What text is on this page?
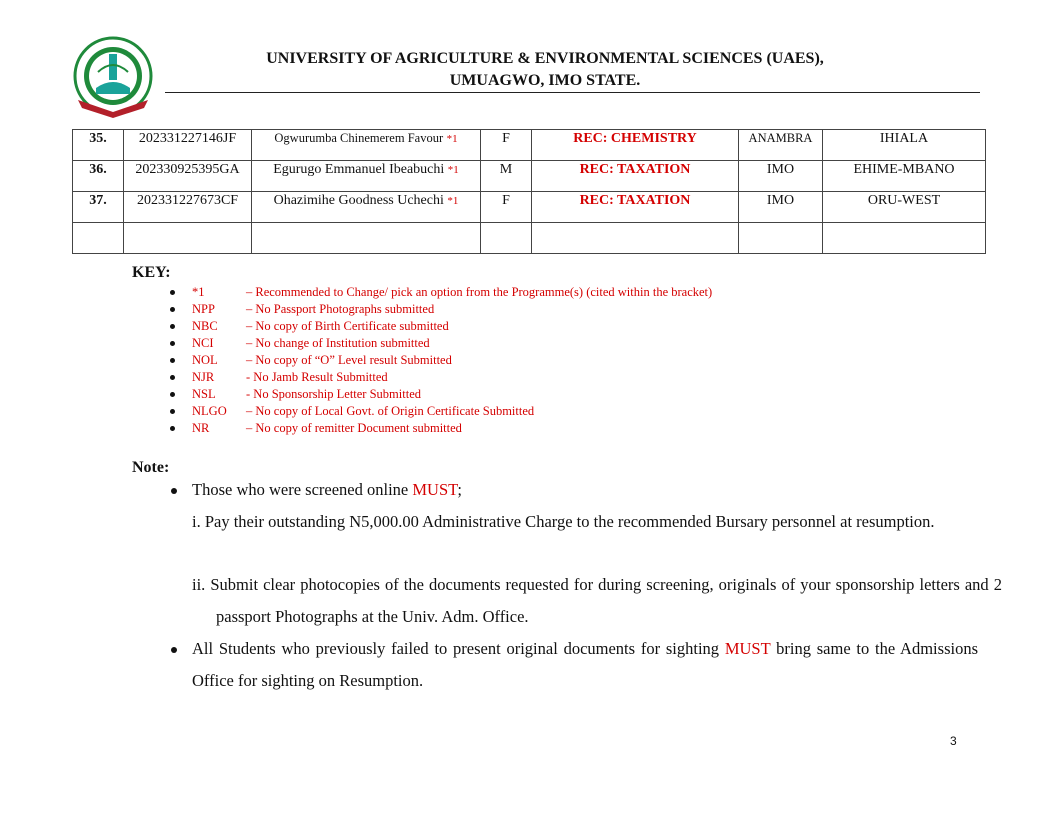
UNIVERSITY OF AGRICULTURE & ENVIRONMENTAL SCIENCES (UAES),
UMUAGWO, IMO STATE.
35.	202331227146JF	Ogwurumba Chinemerem Favour *1	F	REC: CHEMISTRY	ANAMBRA	IHIALA
36.	202330925395GA	Egurugo Emmanuel Ibeabuchi *1	M	REC: TAXATION	IMO	EHIME-MBANO
37.	202331227673CF	Ohazimihe Goodness Uchechi *1	F	REC: TAXATION	IMO	ORU-WEST

KEY:
*1	– Recommended to Change/ pick an option from the Programme(s) (cited within the bracket)
NPP – No Passport Photographs submitted
NBC – No copy of Birth Certificate submitted
NCI	– No change of Institution submitted
NOL – No copy of “O” Level result Submitted
NJR	- No Jamb Result Submitted
NSL - No Sponsorship Letter Submitted
NLGO – No copy of Local Govt. of Origin Certificate Submitted
NR	– No copy of remitter Document submitted
Note:
Those who were screened online MUST;
i. Pay their outstanding N5,000.00 Administrative Charge to the recommended Bursary personnel at resumption.
ii. Submit clear photocopies of the documents requested for during screening, originals of your sponsorship letters and 2 passport Photographs at the Univ. Adm. Office.
All Students who previously failed to present original documents for sighting MUST bring same to the Admissions Office for sighting on Resumption.
3
